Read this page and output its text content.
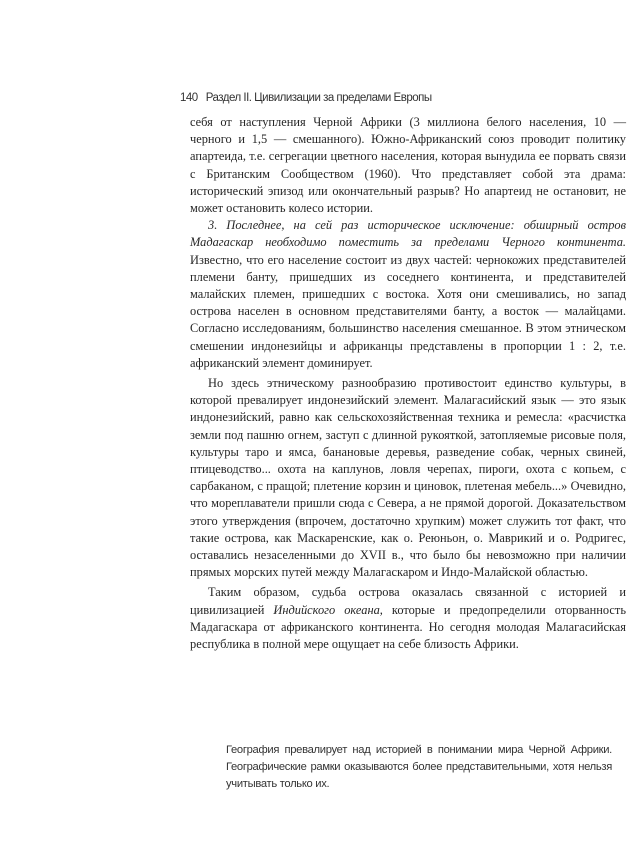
140 Раздел II. Цивилизации за пределами Европы

себя от наступления Черной Африки (3 миллиона белого населения, 10 — черного и 1,5 — смешанного). Южно-Африканский союз проводит политику апартеида, т.е. сегрегации цветного населения, которая вынудила ее порвать связи с Британским Сообществом (1960). Что представляет собой эта драма: исторический эпизод или окончательный разрыв? Но апартеид не остановит, не может остановить колесо истории.

3. Последнее, на сей раз историческое исключение: обширный остров Мадагаскар необходимо поместить за пределами Черного континента. Известно, что его население состоит из двух частей: чернокожих представителей племени банту, пришедших из соседнего континента, и представителей малайских племен, пришедших с востока. Хотя они смешивались, но запад острова населен в основном представителями банту, а восток — малайцами. Согласно исследованиям, большинство населения смешанное. В этом этническом смешении индонезийцы и африканцы представлены в пропорции 1 : 2, т.е. африканский элемент доминирует.

Но здесь этническому разнообразию противостоит единство культуры, в которой превалирует индонезийский элемент. Малагасийский язык — это язык индонезийский, равно как сельскохозяйственная техника и ремесла: «расчистка земли под пашню огнем, заступ с длинной рукояткой, затопляемые рисовые поля, культуры таро и ямса, банановые деревья, разведение собак, черных свиней, птицеводство... охота на каплунов, ловля черепах, пироги, охота с копьем, с сарбаканом, с пращой; плетение корзин и циновок, плетеная мебель...» Очевидно, что мореплаватели пришли сюда с Севера, а не прямой дорогой. Доказательством этого утверждения (впрочем, достаточно хрупким) может служить тот факт, что такие острова, как Маскаренские, как о. Реюньон, о. Маврикий и о. Родригес, оставались незаселенными до XVII в., что было бы невозможно при наличии прямых морских путей между Малагаскаром и Индо-Малайской областью.

Таким образом, судьба острова оказалась связанной с историей и цивилизацией Индийского океана, которые и предопределили оторванность Мадагаскара от африканского континента. Но сегодня молодая Малагасийская республика в полной мере ощущает на себе близость Африки.

География превалирует над историей в понимании мира Черной Африки. Географические рамки оказываются более представительными, хотя нельзя учитывать только их.
